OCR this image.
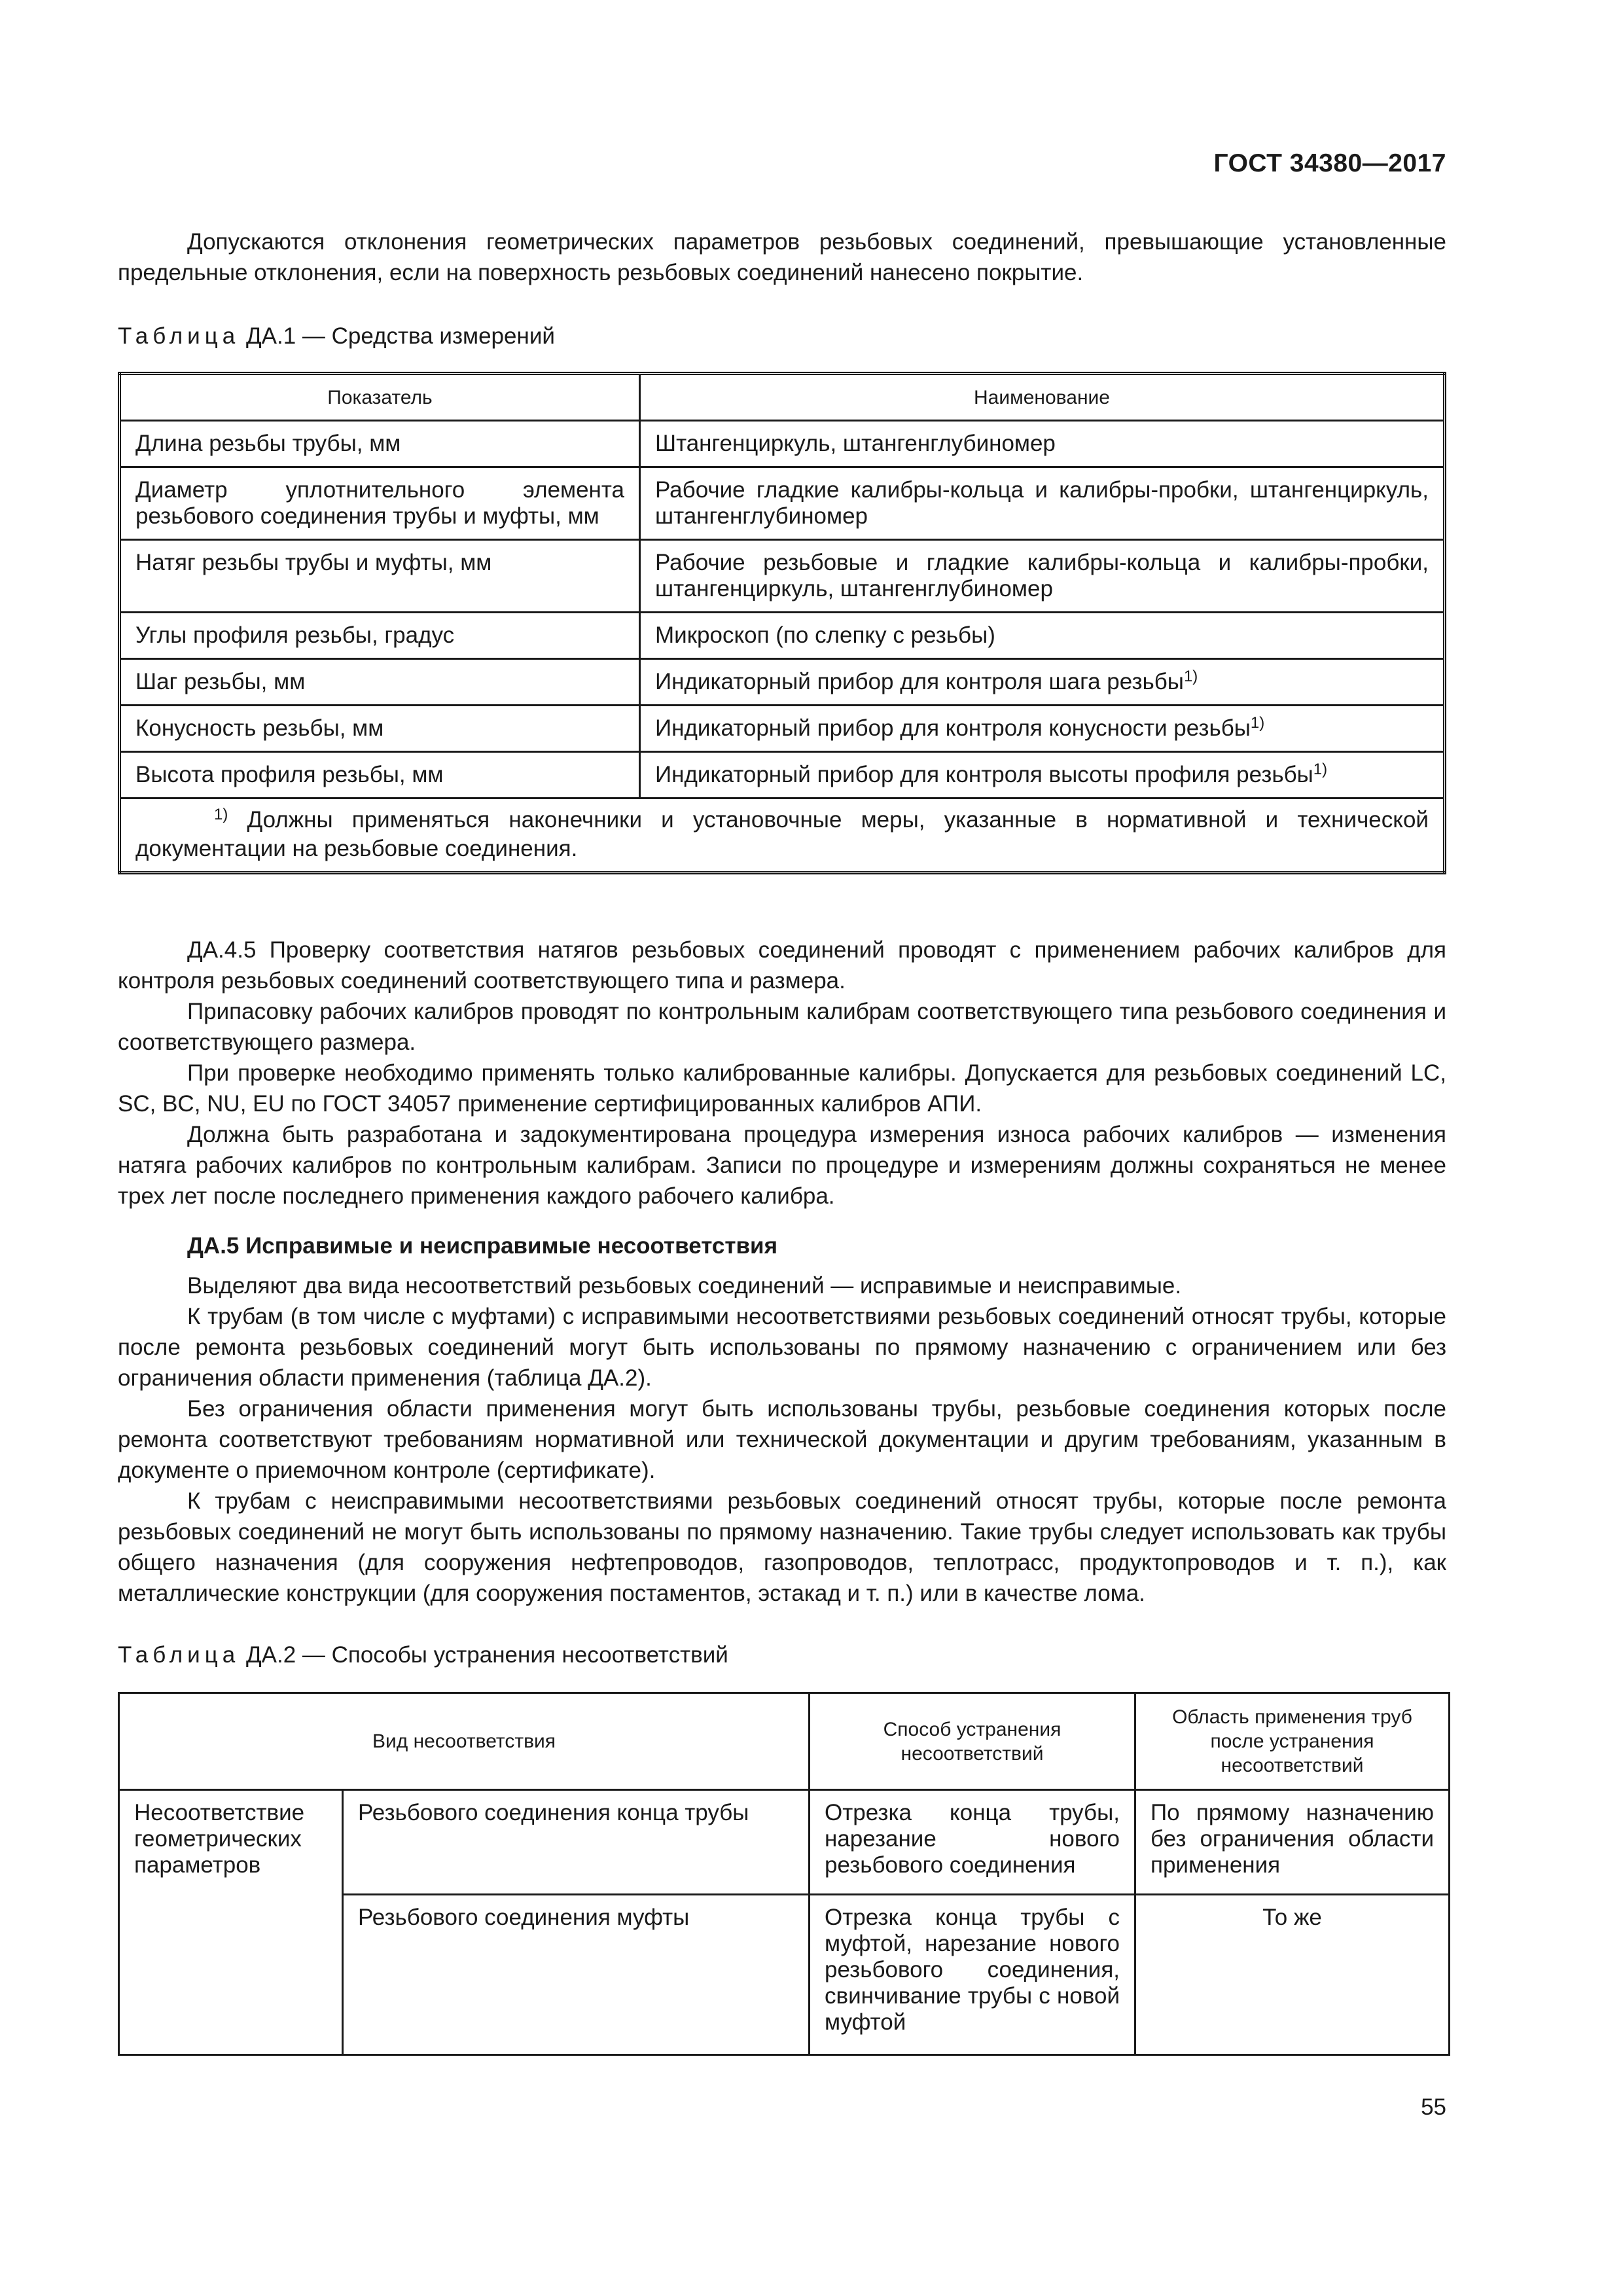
ГОСТ 34380—2017

Допускаются отклонения геометрических параметров резьбовых соединений, превышающие установленные предельные отклонения, если на поверхность резьбовых соединений нанесено покрытие.

Таблица ДА.1 — Средства измерений
Показатель	Наименование
Длина резьбы трубы, мм	Штангенциркуль, штангенглубиномер
Диаметр уплотнительного элемента резьбового соединения трубы и муфты, мм	Рабочие гладкие калибры-кольца и калибры-пробки, штангенциркуль, штангенглубиномер
Натяг резьбы трубы и муфты, мм	Рабочие резьбовые и гладкие калибры-кольца и калибры-пробки, штангенциркуль, штангенглубиномер
Углы профиля резьбы, градус	Микроскоп (по слепку с резьбы)
Шаг резьбы, мм	Индикаторный прибор для контроля шага резьбы$^{1)}$
Конусность резьбы, мм	Индикаторный прибор для контроля конусности резьбы$^{1)}$
Высота профиля резьбы, мм	Индикаторный прибор для контроля высоты профиля резьбы$^{1)}$
$^{1)}$ Должны применяться наконечники и установочные меры, указанные в нормативной и технической документации на резьбовые соединения.	

ДА.4.5 Проверку соответствия натягов резьбовых соединений проводят с применением рабочих калибров для контроля резьбовых соединений соответствующего типа и размера.

Припасовку рабочих калибров проводят по контрольным калибрам соответствующего типа резьбового соединения и соответствующего размера.

При проверке необходимо применять только калиброванные калибры. Допускается для резьбовых соединений LC, SC, BC, NU, EU по ГОСТ 34057 применение сертифицированных калибров АПИ.

Должна быть разработана и задокументирована процедура измерения износа рабочих калибров — изменения натяга рабочих калибров по контрольным калибрам. Записи по процедуре и измерениям должны сохраняться не менее трех лет после последнего применения каждого рабочего калибра.

ДА.5 Исправимые и неисправимые несоответствия

Выделяют два вида несоответствий резьбовых соединений — исправимые и неисправимые.

К трубам (в том числе с муфтами) с исправимыми несоответствиями резьбовых соединений относят трубы, которые после ремонта резьбовых соединений могут быть использованы по прямому назначению с ограничением или без ограничения области применения (таблица ДА.2).

Без ограничения области применения могут быть использованы трубы, резьбовые соединения которых после ремонта соответствуют требованиям нормативной или технической документации и другим требованиям, указанным в документе о приемочном контроле (сертификате).

К трубам с неисправимыми несоответствиями резьбовых соединений относят трубы, которые после ремонта резьбовых соединений не могут быть использованы по прямому назначению. Такие трубы следует использовать как трубы общего назначения (для сооружения нефтепроводов, газопроводов, теплотрасс, продуктопроводов и т. п.), как металлические конструкции (для сооружения постаментов, эстакад и т. п.) или в качестве лома.

Таблица ДА.2 — Способы устранения несоответствий
Вид несоответствия		Способ устранения несоответствий	Область применения труб после устранения несоответствий
Несоответствие геометрических параметров	Резьбового соединения конца трубы	Отрезка конца трубы, нарезание нового резьбового соединения	По прямому назначению без ограничения области применения
	Резьбового соединения муфты	Отрезка конца трубы с муфтой, нарезание нового резьбового соединения, свинчивание трубы с новой муфтой	То же
55
